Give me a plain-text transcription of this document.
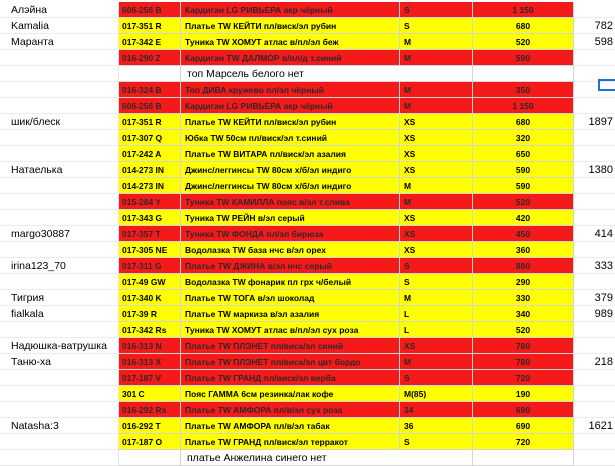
Алэйна	606-256 B	Кардиган LG РИВЬЕРА акр чёрный	S	1 150
Kamalia	017-351 R	Платье TW КЕЙТИ пл/виск/эл рубин	S	680	782
Маранта	017-342 E	Туника TW ХОМУТ атлас в/пл/эл беж	M	520	598
016-290 Z	Кардиган TW ДАЛМОР в/пл/д т.синий	M	590
топ Марсель белого нет
016-324 B	Топ ДИВА кружево пл/эл чёрный	M	350
606-256 B	Кардиган LG РИВЬЕРА акр чёрный	M	1 150
шик/блеск	017-351 R	Платье TW КЕЙТИ пл/виск/эл рубин	XS	680	1897
017-307 Q	Юбка TW 50см пл/виск/эл т.синий	XS	320
017-242 A	Платье TW ВИТАРА пл/виск/эл азалия	XS	650
Натаелька	014-273 IN	Джинс/леггинсы TW 80см х/б/эл индиго	XS	590	1380
014-273 IN	Джинс/леггинсы TW 80см х/б/эл индиго	M	590
015-284 Y	Туника TW КАМИЛЛА пояс в/эл т.слива	M	520
017-343 G	Туника TW РЕЙН в/эл серый	XS	420
margo30887	017-357 T	Туника TW ФОНДА пл/эл бирюза	XS	450	414
017-305 NE	Водолазка TW база нчс в/эл орех	XS	360
irina123_70	017-311 G	Платье TW ДЖИНА в/эл нчс серый	S	860	333
017-49 GW	Водолазка TW фонарик пл грх ч/белый	S	290
Тигрия	017-340 K	Платье TW ТОГА в/эл шоколад	M	330	379
fialkala	017-39 R	Платье TW маркиза в/эл азалия	L	340	989
017-342 Rs	Туника TW ХОМУТ атлас в/пл/эл сух роза	L	520
Надюшка-ватрушка	016-313 N	Платье TW ПЛЭНЕТ пл/виск/эл синий	XS	780
Таню-ха	016-313 X	Платье TW ПЛЭНЕТ пл/виск/эл цвт бордо	M	780	218
017-187 V	Платье TW ГРАНД пл/виск/эл верба	S	720
301 C	Пояс ГАММА 6см резинка/лак кофе	M(85)	190
016-292 Rs	Платье TW АМФОРА пл/в/эл сух роза	34	690
Natasha:3	016-292 T	Платье TW АМФОРА пл/в/эл табак	36	690	1621
017-187 O	Платье TW ГРАНД пл/виск/эл терракот	S	720
платье Анжелина синего нет
